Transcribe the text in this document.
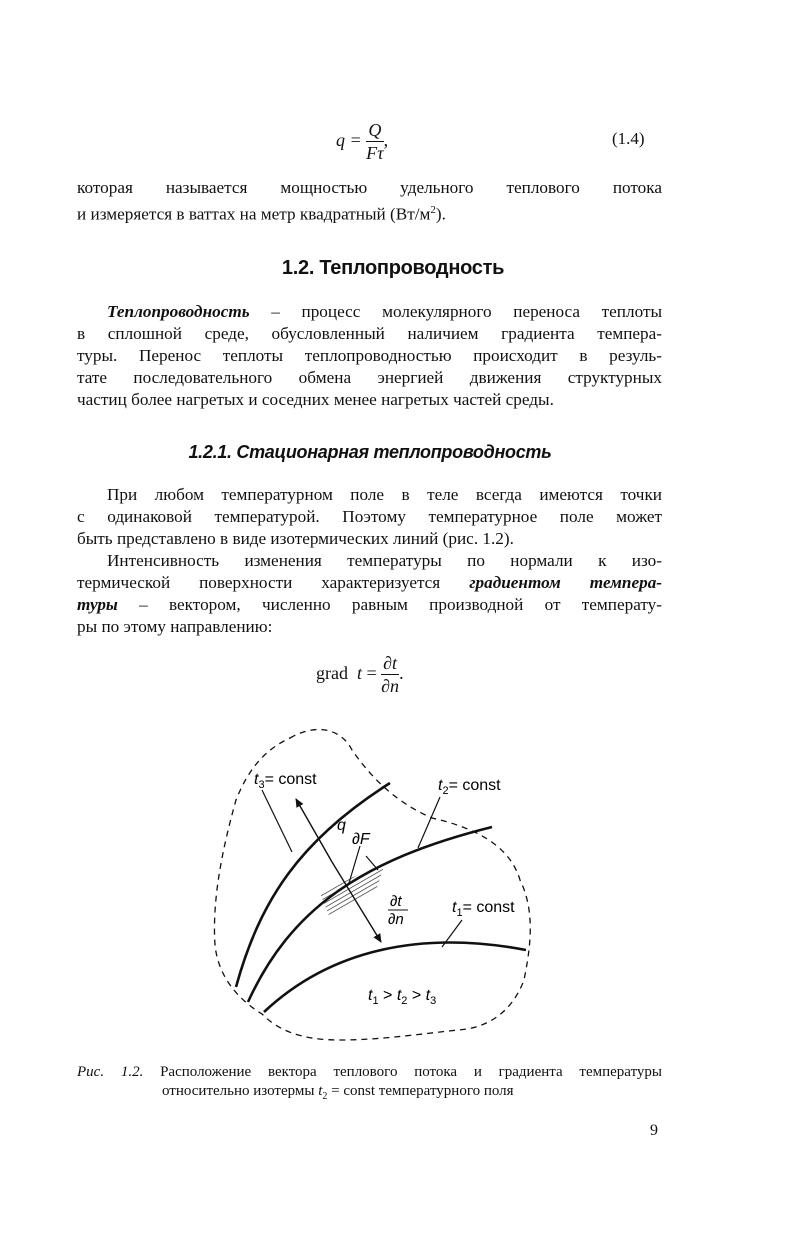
$q = \frac{Q}{F\tau}$ ,	(1.4)
которая называется мощностью удельного теплового потока
и измеряется в ваттах на метр квадратный $(Вт/м^2)$.
1.2. Теплопроводность
Теплопроводность – процесс молекулярного переноса теплоты
в сплошной среде, обусловленный наличием градиента темпера-
туры. Перенос теплоты теплопроводностью происходит в резуль-
тате последовательного обмена энергией движения структурных
частиц более нагретых и соседних менее нагретых частей среды.
1.2.1. Стационарная теплопроводность
При любом температурном поле в теле всегда имеются точки
с одинаковой температурой. Поэтому температурное поле может
быть представлено в виде изотермических линий (рис. 1.2).
Интенсивность изменения температуры по нормали к изо-
термической поверхности характеризуется градиентом темпера-
туры – вектором, численно равным производной от температу-
ры по этому направлению:
grad $t = \frac{\partial t}{\partial n}$ .
$t_3=$ const	$t_2=$ const
$t_1=$ const
q
∂F
∂t
∂n
$t_1 > t_2 > t_3$
Рис. 1.2. Расположение вектора теплового потока и градиента температуры
относительно изотермы $t_2$ = const температурного поля
9
